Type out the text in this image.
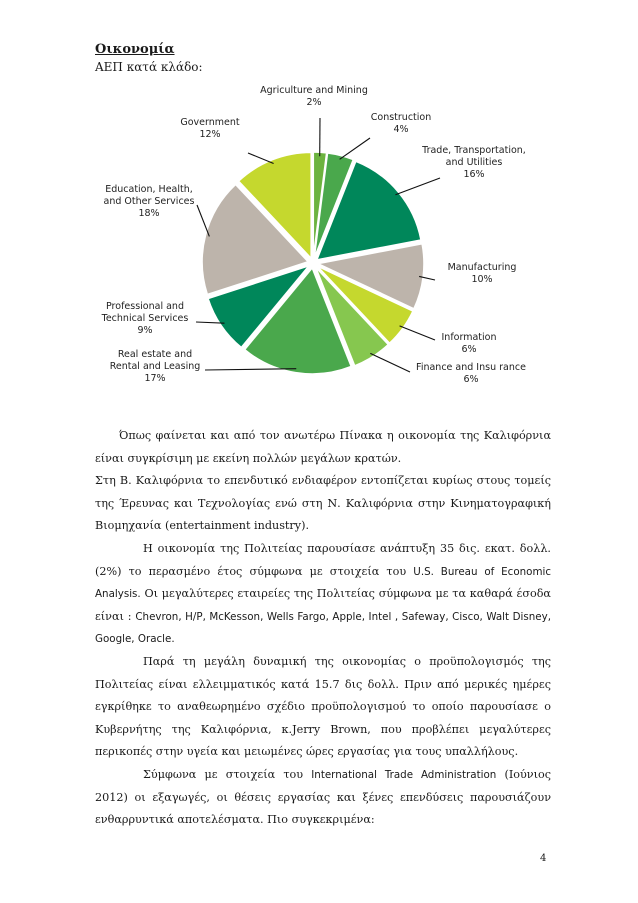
Οικονομία
ΑΕΠ κατά κλάδο:
Agriculture and Mining 2%
Construction 4%
Trade, Transportation, and Utilities 16%
Manufacturing 10%
Information 6%
Finance and Insu rance 6%
Real estate and Rental and Leasing 17%
Professional and Technical Services 9%
Education, Health, and Other Services 18%
Government 12%

Όπως φαίνεται και από τον ανωτέρω Πίνακα η οικονομία της Καλιφόρνια είναι συγκρίσιμη με εκείνη πολλών μεγάλων κρατών.

Στη Β. Καλιφόρνια το επενδυτικό ενδιαφέρον εντοπίζεται κυρίως στους τομείς της Έρευνας και Τεχνολογίας ενώ στη Ν. Καλιφόρνια στην Κινηματογραφική Βιομηχανία (entertainment industry).

Η οικονομία της Πολιτείας παρουσίασε ανάπτυξη 35 δις. εκατ. δολλ. (2%) το περασμένο έτος σύμφωνα με στοιχεία του U.S. Bureau of Economic Analysis. Οι μεγαλύτερες εταιρείες της Πολιτείας σύμφωνα με τα καθαρά έσοδα είναι : Chevron, H/P, McKesson, Wells Fargo, Apple, Intel , Safeway, Cisco, Walt Disney, Google, Oracle.

Παρά τη μεγάλη δυναμική της οικονομίας ο προϋπολογισμός της Πολιτείας είναι ελλειμματικός κατά 15.7 δις δολλ. Πριν από μερικές ημέρες εγκρίθηκε το αναθεωρημένο σχέδιο προϋπολογισμού το οποίο παρουσίασε ο Κυβερνήτης της Καλιφόρνια, κ.Jerry Brown, που προβλέπει μεγαλύτερες περικοπές στην υγεία και μειωμένες ώρες εργασίας για τους υπαλλήλους.

Σύμφωνα με στοιχεία του International Trade Administration (Ιούνιος 2012) οι εξαγωγές, οι θέσεις εργασίας και ξένες επενδύσεις παρουσιάζουν ενθαρρυντικά αποτελέσματα. Πιο συγκεκριμένα:

4
